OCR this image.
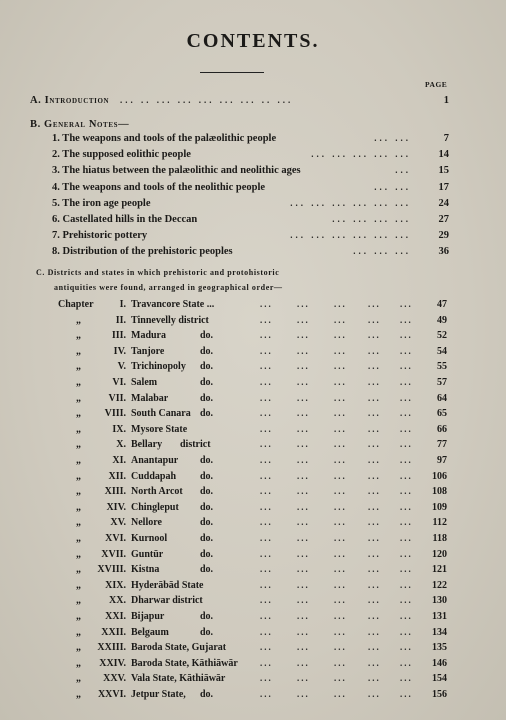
CONTENTS.
PAGE
A. Introduction ... .. ... ... ... ... ... .. ...	1
B. General Notes—
1. The weapons and tools of the palæolithic people	... ...	7
2. The supposed eolithic people	... ... ... ... ...	14
3. The hiatus between the palæolithic and neolithic ages	...	15
4. The weapons and tools of the neolithic people	... ...	17
5. The iron age people	... ... ... ... ... ...	24
6. Castellated hills in the Deccan	... ... ... ...	27
7. Prehistoric pottery	... ... ... ... ... ...	29
8. Distribution of the prehistoric peoples	... ... ...	36
C. Districts and states in which prehistoric and protohistoric
antiquities were found, arranged in geographical order—
Chapter	I. Travancore State ...	...	...	... ... ... 47
„	II. Tinnevelly district	...	...	... ... ... 49
„	III. Madura	do.	...	...	... ... ... 52
„	IV. Tanjore	do.	...	...	... ... ... 54
„	V. Trichinopoly do.	...	...	... ... ... 55
„	VI. Salem	do.	...	...	... ... ... 57
„	VII. Malabar	do.	...	...	... ... ... 64
„ VIII. South Canara do.	...	...	... ... ... 65
„	IX. Mysore State	...	...	... ... ... 66
„	X. Bellary district	...	...	... ... ... 77
„	XI. Anantapur do.	...	...	... ... ... 97
„	XII. Cuddapah do.	...	...	... ... ... 106
„ XIII. North Arcot do.	...	...	... ... ... 108
„	XIV. Chingleput do.	...	...	... ... ... 109
„	XV. Nellore	do.	...	...	... ... ... 112
„ XVI. Kurnool	do.	...	...	... ... ... 118
„ XVII. Guntūr	do.	...	...	... ... ... 120
„ XVIII. Kistna	do.	...	...	... ... ... 121
„ XIX. Hyderābād State	...	...	... ... ... 122
„	XX. Dharwar district	...	...	... ... ... 130
„ XXI. Bijapur	do.	...	...	... ... ... 131
„ XXII. Belgaum	do.	...	...	... ... ... 134
„ XXIII. Baroda State, Gujarat	...	...	... ... ... 135
„ XXIV. Baroda State, Kāthiāwār ...	...	... ... ... 146
„ XXV. Vala State, Kāthiāwār	...	...	... ... ... 154
„ XXVI. Jetpur State, do.	...	...	... ... ... 156
